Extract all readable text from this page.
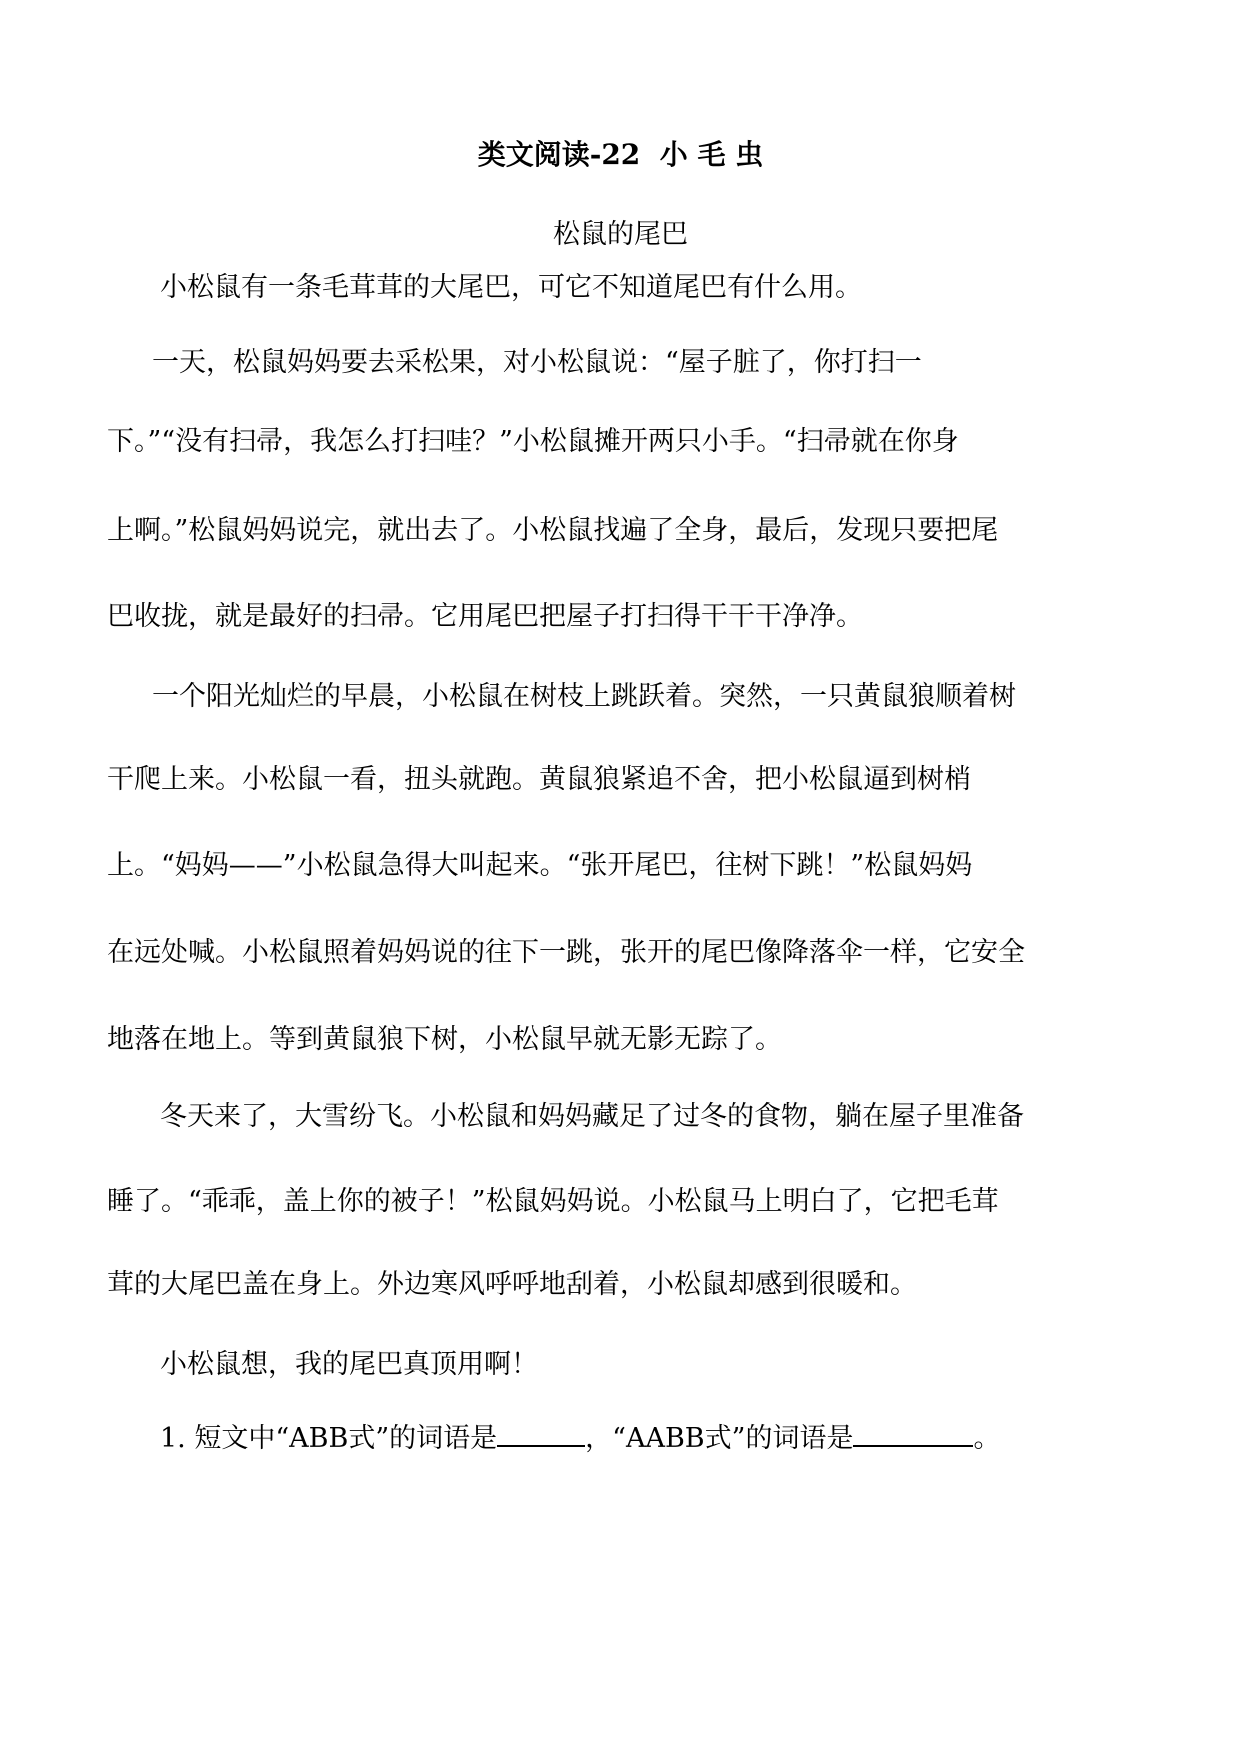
类文阅读-22  小 毛 虫
松鼠的尾巴
小松鼠有一条毛茸茸的大尾巴，可它不知道尾巴有什么用。
一天，松鼠妈妈要去采松果，对小松鼠说：“屋子脏了，你打扫一
下。”“没有扫帚，我怎么打扫哇？”小松鼠摊开两只小手。“扫帚就在你身
上啊。”松鼠妈妈说完，就出去了。小松鼠找遍了全身，最后，发现只要把尾
巴收拢，就是最好的扫帚。它用尾巴把屋子打扫得干干干净净。
一个阳光灿烂的早晨，小松鼠在树枝上跳跃着。突然，一只黄鼠狼顺着树
干爬上来。小松鼠一看，扭头就跑。黄鼠狼紧追不舍，把小松鼠逼到树梢
上。“妈妈——”小松鼠急得大叫起来。“张开尾巴，往树下跳！”松鼠妈妈
在远处喊。小松鼠照着妈妈说的往下一跳，张开的尾巴像降落伞一样，它安全
地落在地上。等到黄鼠狼下树，小松鼠早就无影无踪了。
冬天来了，大雪纷飞。小松鼠和妈妈藏足了过冬的食物，躺在屋子里准备
睡了。“乖乖，盖上你的被子！”松鼠妈妈说。小松鼠马上明白了，它把毛茸
茸的大尾巴盖在身上。外边寒风呼呼地刮着，小松鼠却感到很暖和。
小松鼠想，我的尾巴真顶用啊！
1. 短文中“ABB式”的词语是	，“AABB式”的词语是	。
